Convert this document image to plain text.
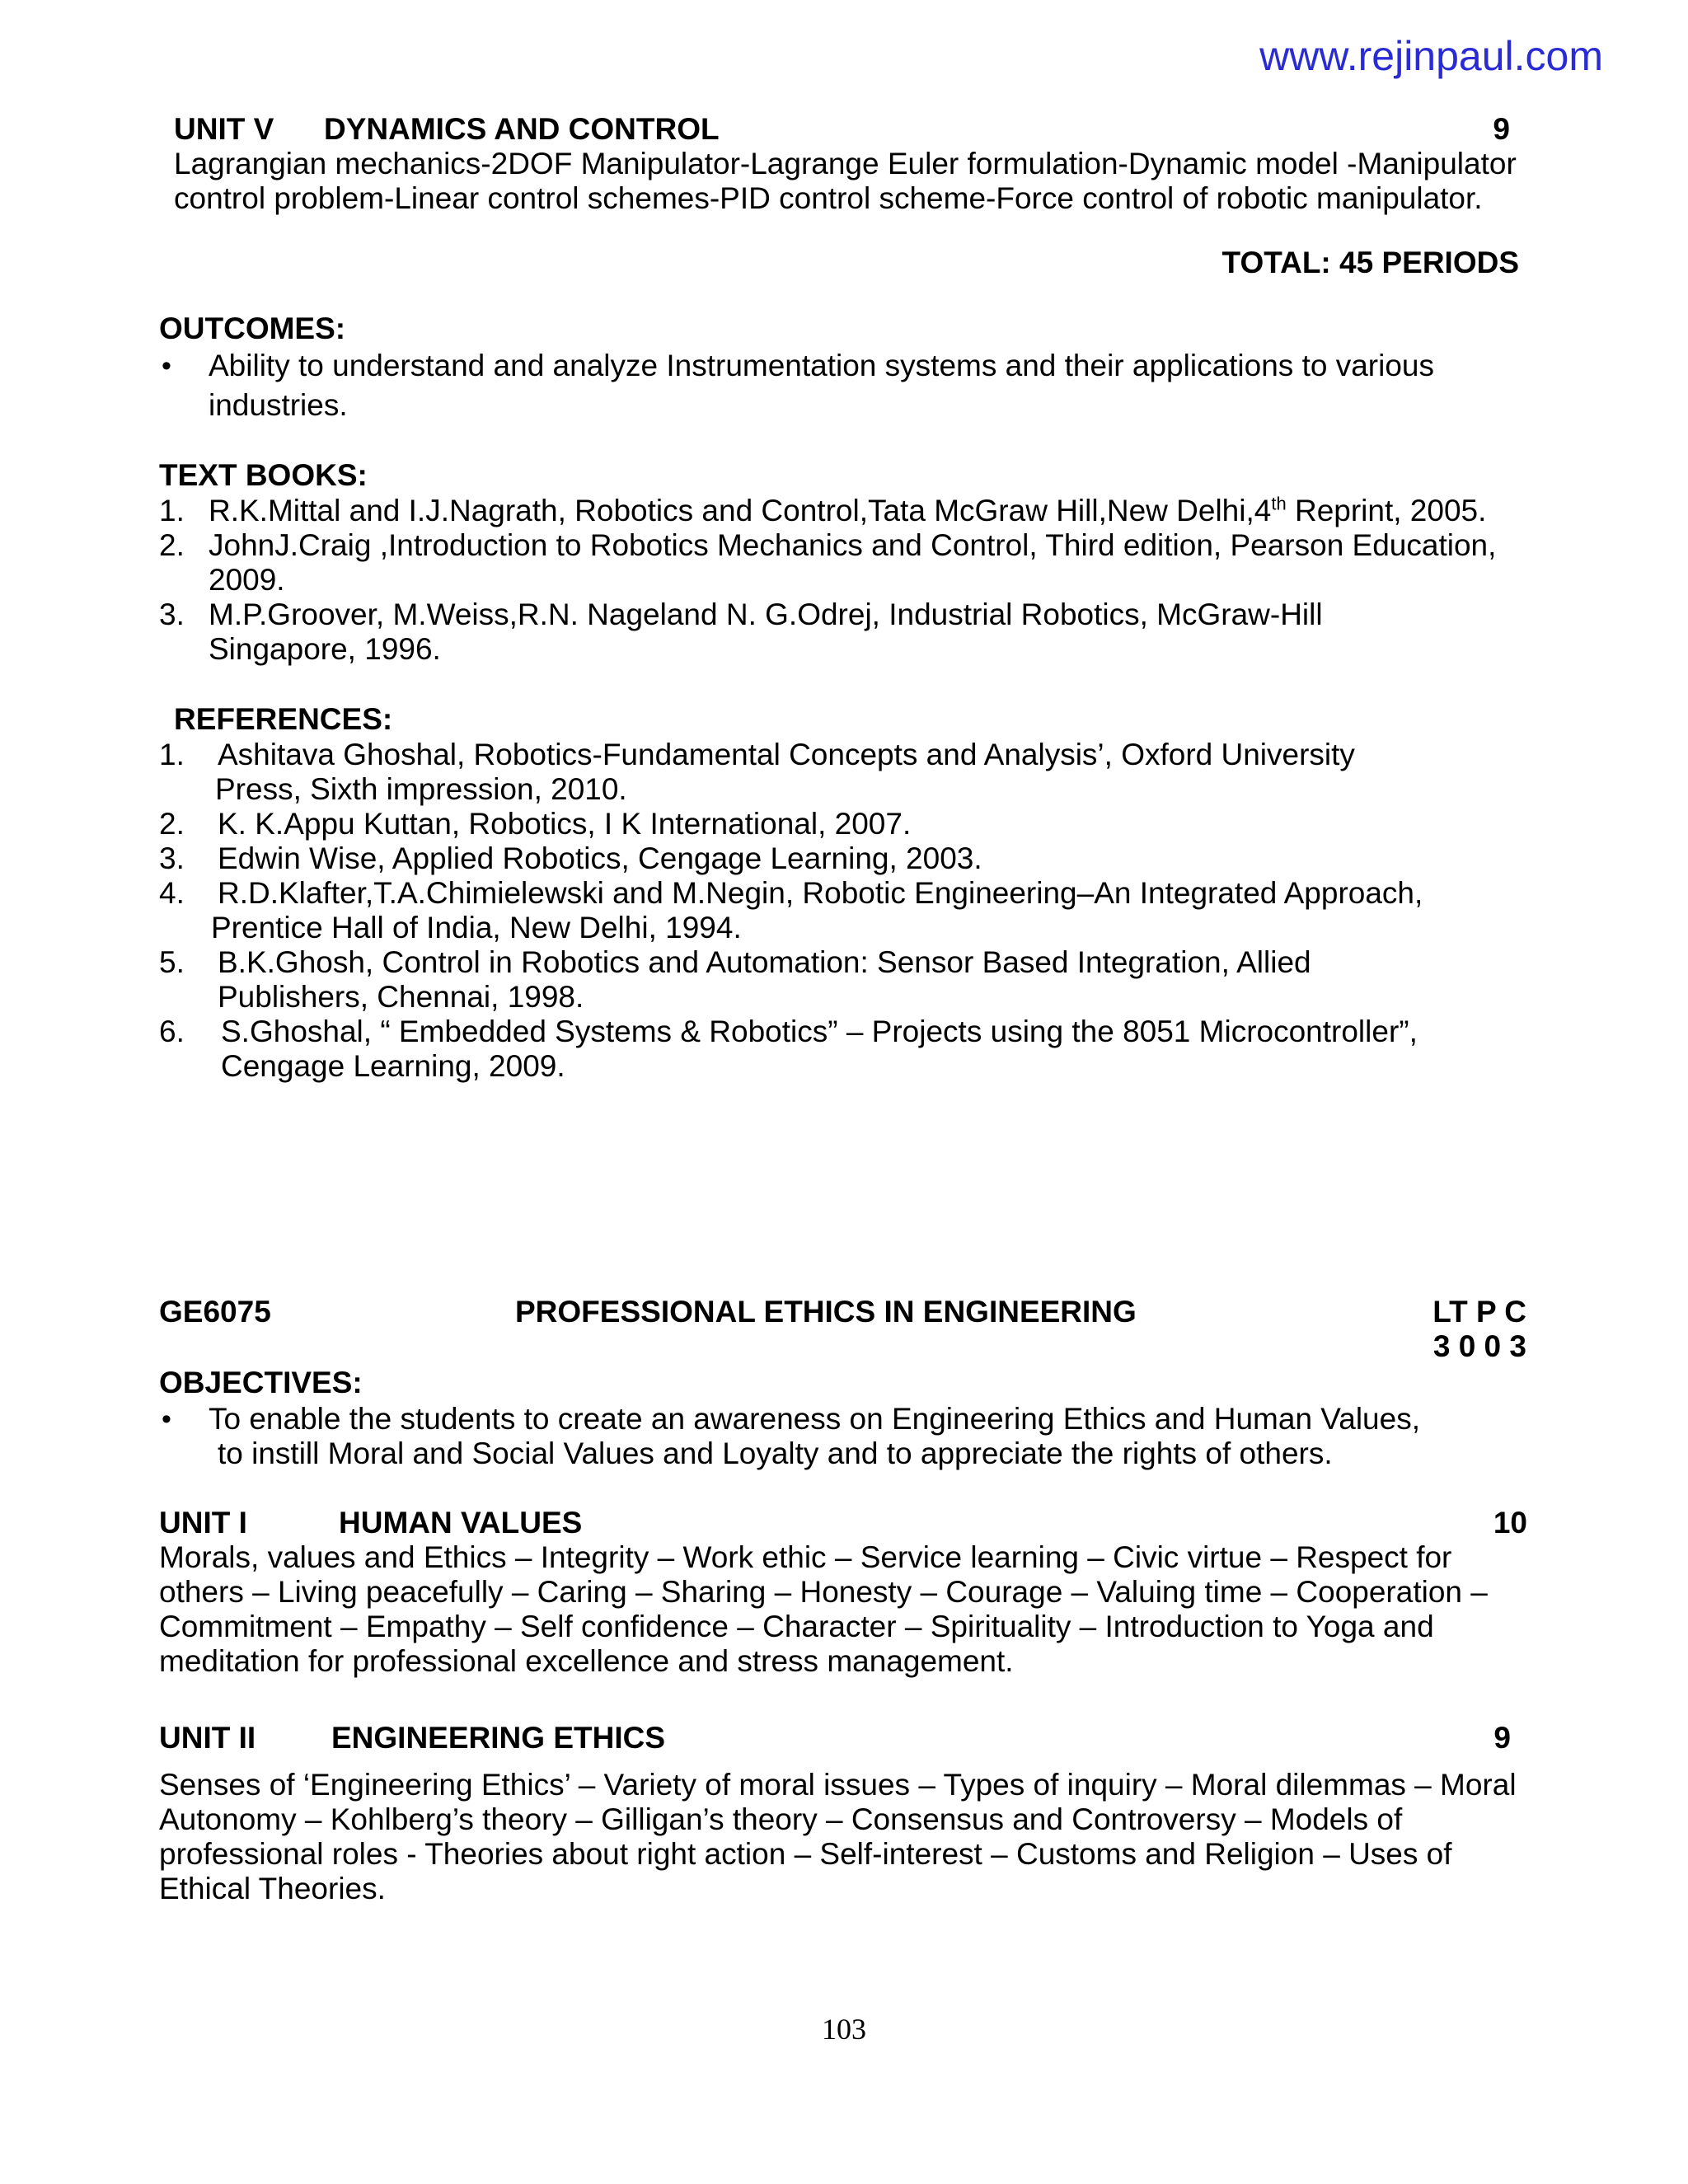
www.rejinpaul.com
UNIT V DYNAMICS AND CONTROL	9
Lagrangian mechanics-2DOF Manipulator-Lagrange Euler formulation-Dynamic model -Manipulator
control problem-Linear control schemes-PID control scheme-Force control of robotic manipulator.
TOTAL: 45 PERIODS
OUTCOMES:
• Ability to understand and analyze Instrumentation systems and their applications to various
industries.
TEXT BOOKS:
1. R.K.Mittal and I.J.Nagrath, Robotics and Control,Tata McGraw Hill,New Delhi,4th Reprint, 2005.
2. JohnJ.Craig ,Introduction to Robotics Mechanics and Control, Third edition, Pearson Education,
2009.
3. M.P.Groover, M.Weiss,R.N. Nageland N. G.Odrej, Industrial Robotics, McGraw-Hill
Singapore, 1996.
REFERENCES:
1. Ashitava Ghoshal, Robotics-Fundamental Concepts and Analysis’, Oxford University
Press, Sixth impression, 2010.
2. K. K.Appu Kuttan, Robotics, I K International, 2007.
3. Edwin Wise, Applied Robotics, Cengage Learning, 2003.
4. R.D.Klafter,T.A.Chimielewski and M.Negin, Robotic Engineering–An Integrated Approach,
Prentice Hall of India, New Delhi, 1994.
5. B.K.Ghosh, Control in Robotics and Automation: Sensor Based Integration, Allied
Publishers, Chennai, 1998.
6. S.Ghoshal, “ Embedded Systems & Robotics” – Projects using the 8051 Microcontroller”,
Cengage Learning, 2009.
GE6075	PROFESSIONAL ETHICS IN ENGINEERING	LT P C
3 0 0 3
OBJECTIVES:
• To enable the students to create an awareness on Engineering Ethics and Human Values,
to instill Moral and Social Values and Loyalty and to appreciate the rights of others.
UNIT I	HUMAN VALUES	10
Morals, values and Ethics – Integrity – Work ethic – Service learning – Civic virtue – Respect for
others – Living peacefully – Caring – Sharing – Honesty – Courage – Valuing time – Cooperation –
Commitment – Empathy – Self confidence – Character – Spirituality – Introduction to Yoga and
meditation for professional excellence and stress management.
UNIT II ENGINEERING ETHICS	9
Senses of ‘Engineering Ethics’ – Variety of moral issues – Types of inquiry – Moral dilemmas – Moral
Autonomy – Kohlberg’s theory – Gilligan’s theory – Consensus and Controversy – Models of
professional roles - Theories about right action – Self-interest – Customs and Religion – Uses of
Ethical Theories.
103
